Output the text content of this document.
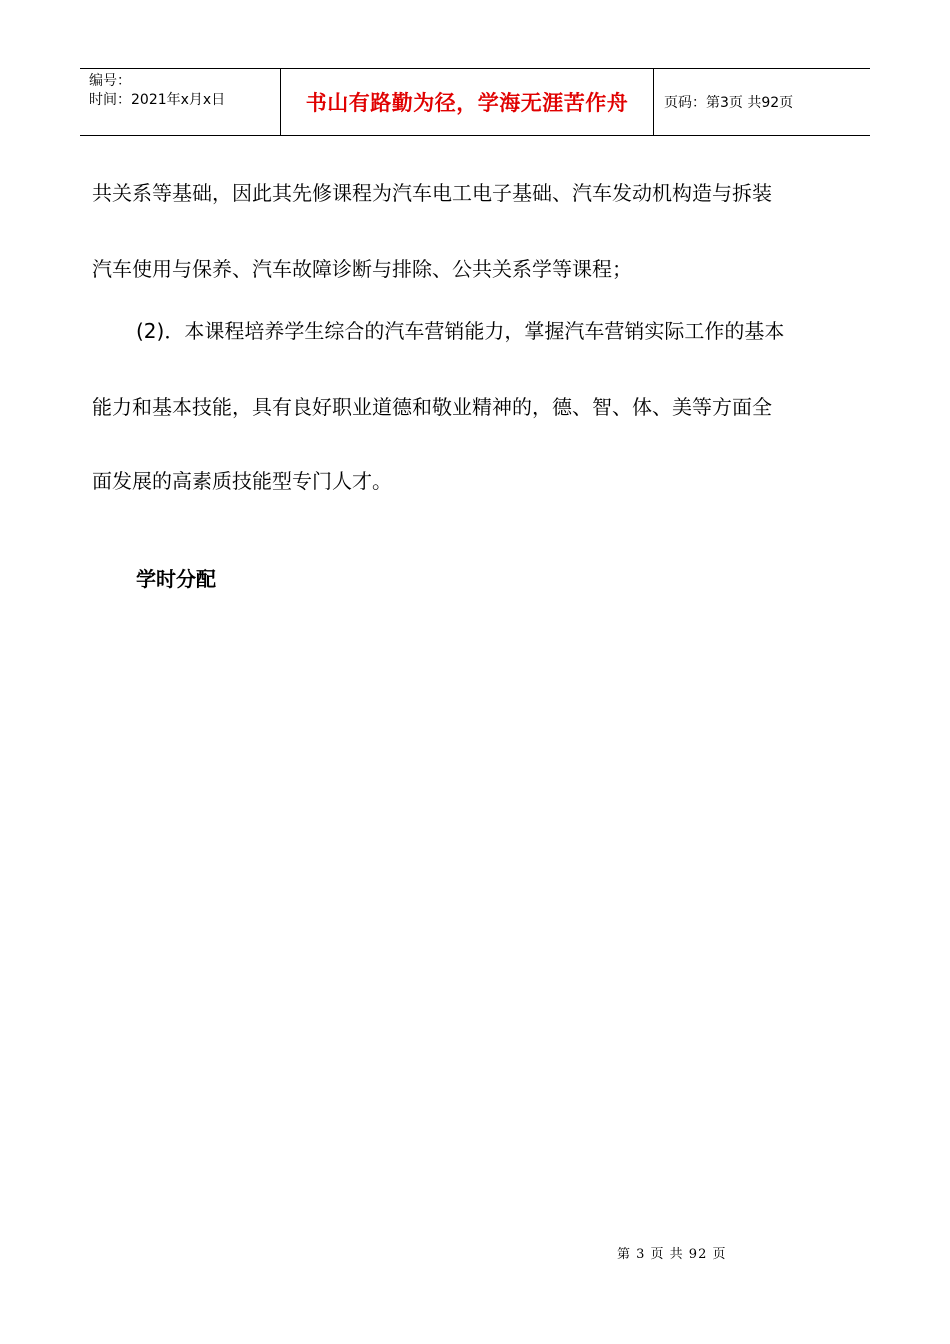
编号：
时间：2021年x月x日	书山有路勤为径，学海无涯苦作舟	页码：第3页 共92页
共关系等基础，因此其先修课程为汽车电工电子基础、汽车发动机构造与拆装
汽车使用与保养、汽车故障诊断与排除、公共关系学等课程；
(2)．本课程培养学生综合的汽车营销能力，掌握汽车营销实际工作的基本
能力和基本技能，具有良好职业道德和敬业精神的，德、智、体、美等方面全
面发展的高素质技能型专门人才。
学时分配
第 3 页 共 92 页
